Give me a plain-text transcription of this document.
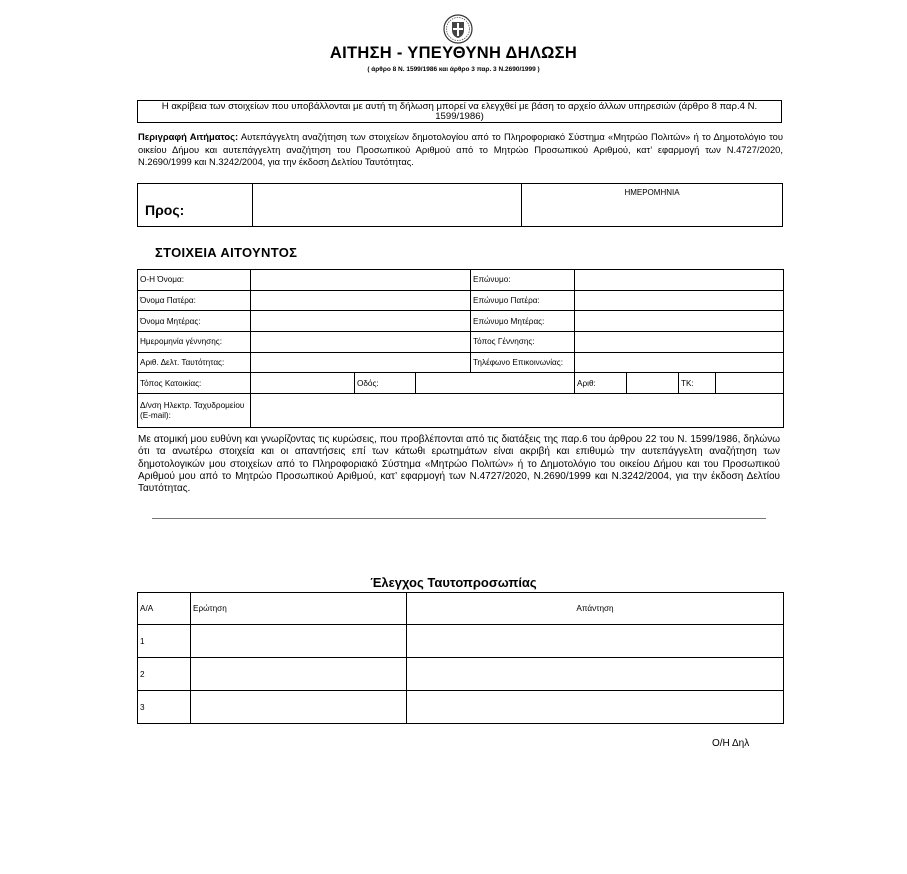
ΑΙΤΗΣΗ - ΥΠΕΥΘΥΝΗ ΔΗΛΩΣΗ
( άρθρο 8 Ν. 1599/1986 και άρθρο 3 παρ. 3 Ν.2690/1999 )
Η ακρίβεια των στοιχείων που υποβάλλονται με αυτή τη δήλωση μπορεί να ελεγχθεί με βάση το αρχείο άλλων υπηρεσιών (άρθρο 8 παρ.4 Ν. 1599/1986)
Περιγραφή Αιτήματος: Αυτεπάγγελτη αναζήτηση των στοιχείων δημοτολογίου από το Πληροφοριακό Σύστημα «Μητρώο Πολιτών» ή το Δημοτολόγιο του οικείου Δήμου και αυτεπάγγελτη αναζήτηση του Προσωπικού Αριθμού από το Μητρώο Προσωπικού Αριθμού, κατ’ εφαρμογή των Ν.4727/2020, Ν.2690/1999 και Ν.3242/2004, για την έκδοση Δελτίου Ταυτότητας.
Προς:		ΗΜΕΡΟΜΗΝΙΑ
ΣΤΟΙΧΕΙΑ ΑΙΤΟΥΝΤΟΣ
Ο-Η Όνομα:				Επώνυμο:				
Όνομα Πατέρα:				Επώνυμο Πατέρα:				
Όνομα Μητέρας:				Επώνυμο Μητέρας:				
Ημερομηνία γέννησης:				Τόπος Γέννησης:				
Αριθ. Δελτ. Ταυτότητας:				Τηλέφωνο Επικοινωνίας:				
Τόπος Κατοικίας:		Οδός:			Αριθ:		ΤΚ:	
Δ/νση Ηλεκτρ. Ταχυδρομείου (E-mail):								
Με ατομική μου ευθύνη και γνωρίζοντας τις κυρώσεις, που προβλέπονται από τις διατάξεις της παρ.6 του άρθρου 22 του Ν. 1599/1986, δηλώνω ότι τα ανωτέρω στοιχεία και οι απαντήσεις επί των κάτωθι ερωτημάτων είναι ακριβή και επιθυμώ την αυτεπάγγελτη αναζήτηση των δημοτολογικών μου στοιχείων από το Πληροφοριακό Σύστημα «Μητρώο Πολιτών» ή το Δημοτολόγιο του οικείου Δήμου και του Προσωπικού Αριθμού μου από το Μητρώο Προσωπικού Αριθμού, κατ’ εφαρμογή των Ν.4727/2020, Ν.2690/1999 και Ν.3242/2004, για την έκδοση Δελτίου Ταυτότητας.
Έλεγχος Ταυτοπροσωπίας
Α/Α	Ερώτηση	Απάντηση
1		
2		
3		
Ο/Η Δηλ
